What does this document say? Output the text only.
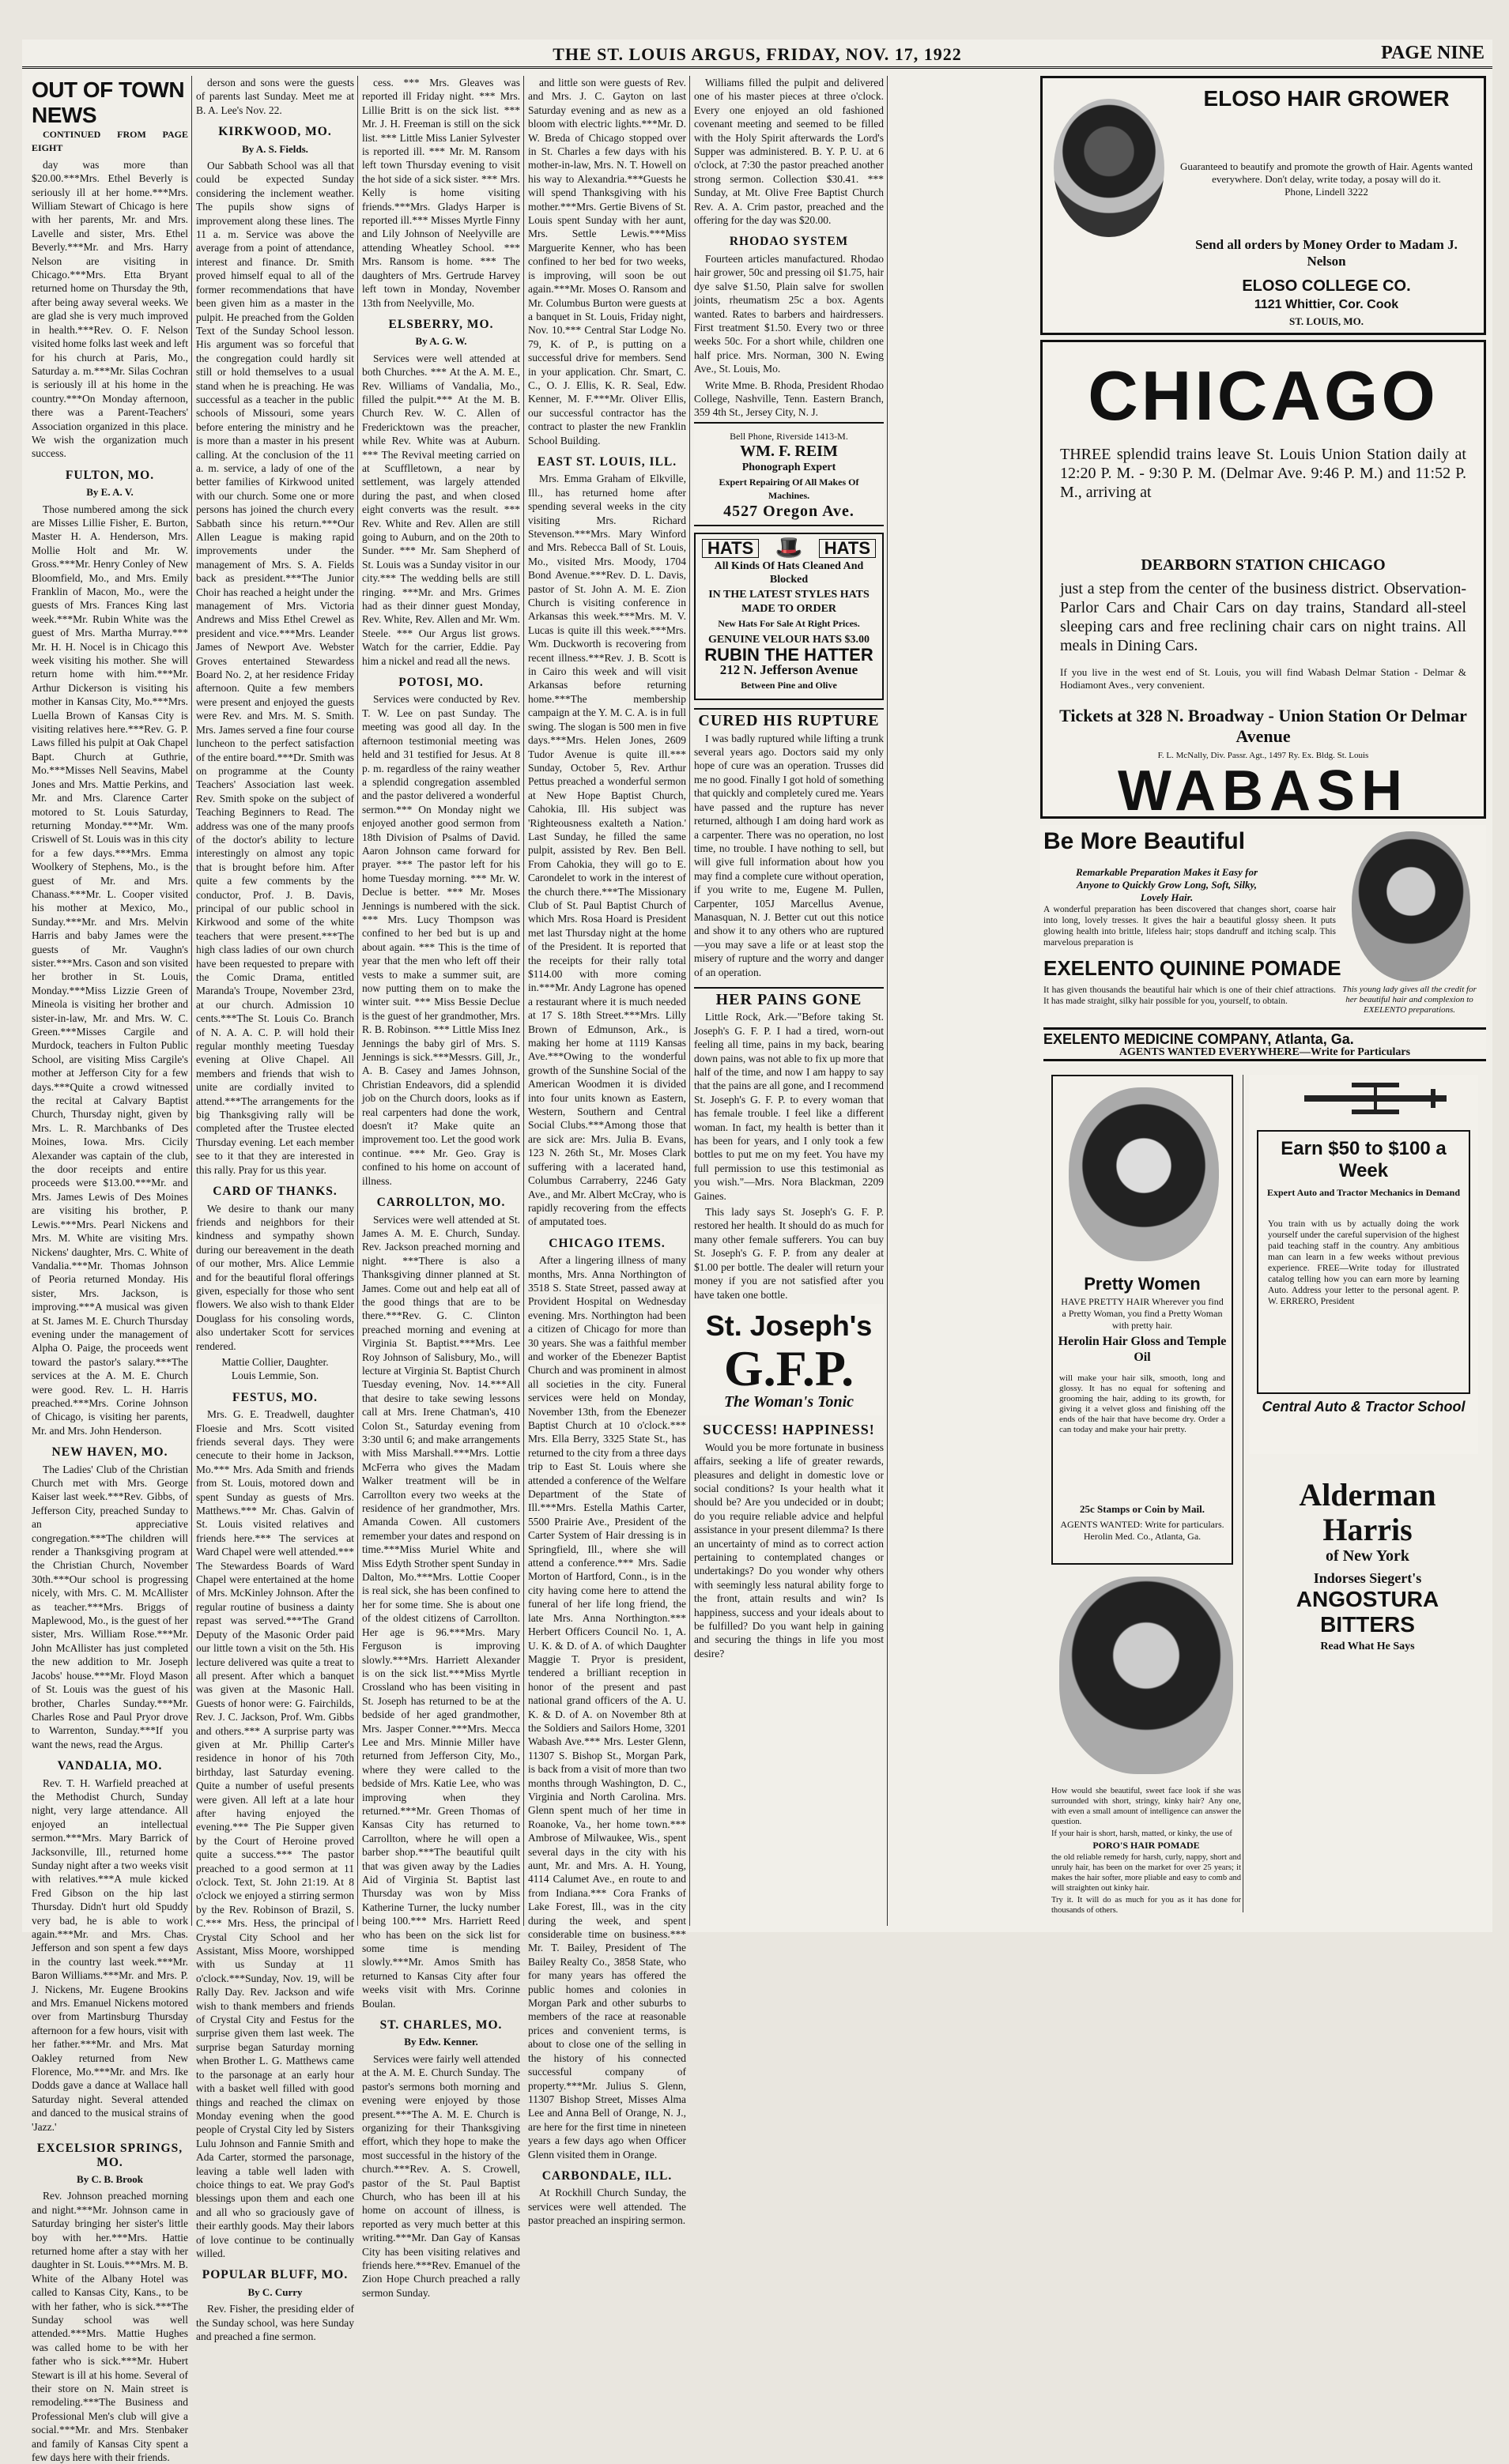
THE ST. LOUIS ARGUS, FRIDAY, NOV. 17, 1922	PAGE NINE
OUT OF TOWN NEWS

CONTINUED FROM PAGE EIGHT

day was more than $20.00.***Mrs. Ethel Beverly is seriously ill at her home.***Mrs. William Stewart of Chicago is here with her parents, Mr. and Mrs. Lavelle and sister, Mrs. Ethel Beverly.***Mr. and Mrs. Harry Nelson are visiting in Chicago.***Mrs. Etta Bryant returned home on Thursday the 9th, after being away several weeks. We are glad she is very much improved in health.***Rev. O. F. Nelson visited home folks last week and left for his church at Paris, Mo., Saturday a. m.***Mr. Silas Cochran is seriously ill at his home in the country.***On Monday afternoon, there was a Parent-Teachers' Association organized in this place. We wish the organization much success.

FULTON, MO.

By E. A. V.

Those numbered among the sick are Misses Lillie Fisher, E. Burton, Master H. A. Henderson, Mrs. Mollie Holt and Mr. W. Gross.***Mr. Henry Conley of New Bloomfield, Mo., and Mrs. Emily Franklin of Macon, Mo., were the guests of Mrs. Frances King last week.***Mr. Rubin White was the guest of Mrs. Martha Murray.*** Mr. H. H. Nocel is in Chicago this week visiting his mother. She will return home with him.***Mr. Arthur Dickerson is visiting his mother in Kansas City, Mo.***Mrs. Luella Brown of Kansas City is visiting relatives here.***Rev. G. P. Laws filled his pulpit at Oak Chapel Bapt. Church at Guthrie, Mo.***Misses Nell Seavins, Mabel Jones and Mrs. Mattie Perkins, and Mr. and Mrs. Clarence Carter motored to St. Louis Saturday, returning Monday.***Mr. Wm. Criswell of St. Louis was in this city for a few days.***Mrs. Emma Woolkery of Stephens, Mo., is the guest of Mr. and Mrs. Chanass.***Mr. L. Cooper visited his mother at Mexico, Mo., Sunday.***Mr. and Mrs. Melvin Harris and baby James were the guests of Mr. Vaughn's sister.***Mrs. Cason and son visited her brother in St. Louis, Monday.***Miss Lizzie Green of Mineola is visiting her brother and sister-in-law, Mr. and Mrs. W. C. Green.***Misses Cargile and Murdock, teachers in Fulton Public School, are visiting Miss Cargile's mother at Jefferson City for a few days.***Quite a crowd witnessed the recital at Calvary Baptist Church, Thursday night, given by Mrs. L. R. Marchbanks of Des Moines, Iowa. Mrs. Cicily Alexander was captain of the club, the door receipts and entire proceeds were $13.00.***Mr. and Mrs. James Lewis of Des Moines are visiting his brother, P. Lewis.***Mrs. Pearl Nickens and Mrs. M. White are visiting Mrs. Nickens' daughter, Mrs. C. White of Vandalia.***Mr. Thomas Johnson of Peoria returned Monday. His sister, Mrs. Jackson, is improving.***A musical was given at St. James M. E. Church Thursday evening under the management of Alpha O. Paige, the proceeds went toward the pastor's salary.***The services at the A. M. E. Church were good. Rev. L. H. Harris preached.***Mrs. Corine Johnson of Chicago, is visiting her parents, Mr. and Mrs. John Henderson.

NEW HAVEN, MO.

The Ladies' Club of the Christian Church met with Mrs. George Kaiser last week.***Rev. Gibbs, of Jefferson City, preached Sunday to an appreciative congregation.***The children will render a Thanksgiving program at the Christian Church, November 30th.***Our school is progressing nicely, with Mrs. C. M. McAllister as teacher.***Mrs. Briggs of Maplewood, Mo., is the guest of her sister, Mrs. William Rose.***Mr. John McAllister has just completed the new addition to Mr. Joseph Jacobs' house.***Mr. Floyd Mason of St. Louis was the guest of his brother, Charles Sunday.***Mr. Charles Rose and Paul Pryor drove to Warrenton, Sunday.***If you want the news, read the Argus.

VANDALIA, MO.

Rev. T. H. Warfield preached at the Methodist Church, Sunday night, very large attendance. All enjoyed an intellectual sermon.***Mrs. Mary Barrick of Jacksonville, Ill., returned home Sunday night after a two weeks visit with relatives.***A mule kicked Fred Gibson on the hip last Thursday. Didn't hurt old Spuddy very bad, he is able to work again.***Mr. and Mrs. Chas. Jefferson and son spent a few days in the country last week.***Mr. Baron Williams.***Mr. and Mrs. P. J. Nickens, Mr. Eugene Brookins and Mrs. Emanuel Nickens motored over from Martinsburg Thursday afternoon for a few hours, visit with her father.***Mr. and Mrs. Mat Oakley returned from New Florence, Mo.***Mr. and Mrs. Ike Dodds gave a dance at Wallace hall Saturday night. Several attended and danced to the musical strains of 'Jazz.'

EXCELSIOR SPRINGS, MO.

By C. B. Brook

Rev. Johnson preached morning and night.***Mr. Johnson came in Saturday bringing her sister's little boy with her.***Mrs. Hattie returned home after a stay with her daughter in St. Louis.***Mrs. M. B. White of the Albany Hotel was called to Kansas City, Kans., to be with her father, who is sick.***The Sunday school was well attended.***Mrs. Mattie Hughes was called home to be with her father who is sick.***Mr. Hubert Stewart is ill at his home. Several of their store on N. Main street is remodeling.***The Business and Professional Men's club will give a social.***Mr. and Mrs. Stenbaker and family of Kansas City spent a few days here with their friends.

derson and sons were the guests of parents last Sunday. Meet me at B. A. Lee's Nov. 22.

KIRKWOOD, MO.

By A. S. Fields.

Our Sabbath School was all that could be expected Sunday considering the inclement weather. The pupils show signs of improvement along these lines. The 11 a. m. Service was above the average from a point of attendance, interest and finance. Dr. Smith proved himself equal to all of the former recommendations that have been given him as a master in the pulpit. He preached from the Golden Text of the Sunday School lesson. His argument was so forceful that the congregation could hardly sit still or hold themselves to a usual stand when he is preaching. He was successful as a teacher in the public schools of Missouri, some years before entering the ministry and he is more than a master in his present calling. At the conclusion of the 11 a. m. service, a lady of one of the better families of Kirkwood united with our church. Some one or more persons has joined the church every Sabbath since his return.***Our Allen League is making rapid improvements under the management of Mrs. S. A. Fields back as president.***The Junior Choir has reached a height under the management of Mrs. Victoria Andrews and Miss Ethel Crewel as president and vice.***Mrs. Leander James of Newport Ave. Webster Groves entertained Stewardess Board No. 2, at her residence Friday afternoon. Quite a few members were present and enjoyed the guests were Rev. and Mrs. M. S. Smith. Mrs. James served a fine four course luncheon to the perfect satisfaction of the entire board.***Dr. Smith was on programme at the County Teachers' Association last week. Rev. Smith spoke on the subject of Teaching Beginners to Read. The address was one of the many proofs of the doctor's ability to lecture interestingly on almost any topic that is brought before him. After quite a few comments by the conductor, Prof. J. B. Davis, principal of our public school in Kirkwood and some of the white teachers that were present.***The high class ladies of our own church have been requested to prepare with the Comic Drama, entitled Maranda's Troupe, November 23rd, at our church. Admission 10 cents.***The St. Louis Co. Branch of N. A. A. C. P. will hold their regular monthly meeting Tuesday evening at Olive Chapel. All members and friends that wish to unite are cordially invited to attend.***The arrangements for the big Thanksgiving rally will be completed after the Trustee elected Thursday evening. Let each member see to it that they are interested in this rally. Pray for us this year.

CARD OF THANKS.

We desire to thank our many friends and neighbors for their kindness and sympathy shown during our bereavement in the death of our mother, Mrs. Alice Lemmie and for the beautiful floral offerings given, especially for those who sent flowers. We also wish to thank Elder Douglass for his consoling words, also undertaker Scott for services rendered.

Mattie Collier, Daughter.

Louis Lemmie, Son.

FESTUS, MO.

Mrs. G. E. Treadwell, daughter Floesie and Mrs. Scott visited friends several days. They were cenecute to their home in Jackson, Mo.*** Mrs. Ada Smith and friends from St. Louis, motored down and spent Sunday as guests of Mrs. Matthews.*** Mr. Chas. Galvin of St. Louis visited relatives and friends here.*** The services at Ward Chapel were well attended.*** The Stewardess Boards of Ward Chapel were entertained at the home of Mrs. McKinley Johnson. After the regular routine of business a dainty repast was served.***The Grand Deputy of the Masonic Order paid our little town a visit on the 5th. His lecture delivered was quite a treat to all present. After which a banquet was given at the Masonic Hall. Guests of honor were: G. Fairchilds, Rev. J. C. Jackson, Prof. Wm. Gibbs and others.*** A surprise party was given at Mr. Phillip Carter's residence in honor of his 70th birthday, last Saturday evening. Quite a number of useful presents were given. All left at a late hour after having enjoyed the evening.*** The Pie Supper given by the Court of Heroine proved quite a success.*** The pastor preached to a good sermon at 11 o'clock. Text, St. John 21:19. At 8 o'clock we enjoyed a stirring sermon by the Rev. Robinson of Brazil, S. C.*** Mrs. Hess, the principal of Crystal City School and her Assistant, Miss Moore, worshipped with us Sunday at 11 o'clock.***Sunday, Nov. 19, will be Rally Day. Rev. Jackson and wife wish to thank members and friends of Crystal City and Festus for the surprise given them last week. The surprise began Saturday morning when Brother L. G. Matthews came to the parsonage at an early hour with a basket well filled with good things and reached the climax on Monday evening when the good people of Crystal City led by Sisters Lulu Johnson and Fannie Smith and Ada Carter, stormed the parsonage, leaving a table well laden with choice things to eat. We pray God's blessings upon them and each one and all who so graciously gave of their earthly goods. May their labors of love continue to be continually willed.

POPULAR BLUFF, MO.

By C. Curry

Rev. Fisher, the presiding elder of the Sunday school, was here Sunday and preached a fine sermon.

cess. *** Mrs. Gleaves was reported ill Friday night. *** Mrs. Lillie Britt is on the sick list. *** Mr. J. H. Freeman is still on the sick list. *** Little Miss Lanier Sylvester is reported ill. *** Mr. M. Ransom left town Thursday evening to visit the hot side of a sick sister. *** Mrs. Kelly is home visiting friends.***Mrs. Gladys Harper is reported ill.*** Misses Myrtle Finny and Lily Johnson of Neelyville are attending Wheatley School. *** Mrs. Ransom is home. *** The daughters of Mrs. Gertrude Harvey left town in Monday, November 13th from Neelyville, Mo.

ELSBERRY, MO.

By A. G. W.

Services were well attended at both Churches. *** At the A. M. E., Rev. Williams of Vandalia, Mo., filled the pulpit.*** At the M. B. Church Rev. W. C. Allen of Fredericktown was the preacher, while Rev. White was at Auburn. *** The Revival meeting carried on at Scufflletown, a near by settlement, was largely attended during the past, and when closed eight converts was the result. *** Rev. White and Rev. Allen are still going to Auburn, and on the 20th to Sunder. *** Mr. Sam Shepherd of St. Louis was a Sunday visitor in our city.*** The wedding bells are still ringing. ***Mr. and Mrs. Grimes had as their dinner guest Monday, Rev. White, Rev. Allen and Mr. Wm. Steele. *** Our Argus list grows. Watch for the carrier, Eddie. Pay him a nickel and read all the news.

POTOSI, MO.

Services were conducted by Rev. T. W. Lee on past Sunday. The meeting was good all day. In the afternoon testimonial meeting was held and 31 testified for Jesus. At 8 p. m. regardless of the rainy weather a splendid congregation assembled and the pastor delivered a wonderful sermon.*** On Monday night we enjoyed another good sermon from 18th Division of Psalms of David. Aaron Johnson came forward for prayer. *** The pastor left for his home Tuesday morning. *** Mr. W. Declue is better. *** Mr. Moses Jennings is numbered with the sick. *** Mrs. Lucy Thompson was confined to her bed but is up and about again. *** This is the time of year that the men who left off their vests to make a summer suit, are now putting them on to make the winter suit. *** Miss Bessie Declue is the guest of her grandmother, Mrs. R. B. Robinson. *** Little Miss Inez Jennings the baby girl of Mrs. S. Jennings is sick.***Messrs. Gill, Jr., A. B. Casey and James Johnson, Christian Endeavors, did a splendid job on the Church doors, looks as if real carpenters had done the work, doesn't it? Make quite an improvement too. Let the good work continue. *** Mr. Geo. Gray is confined to his home on account of illness.

CARROLLTON, MO.

Services were well attended at St. James A. M. E. Church, Sunday. Rev. Jackson preached morning and night. ***There is also a Thanksgiving dinner planned at St. James. Come out and help eat all of the good things that are to be there.***Rev. G. C. Clinton preached morning and evening at Virginia St. Baptist.***Mrs. Lee Roy Johnson of Salisbury, Mo., will lecture at Virginia St. Baptist Church Tuesday evening, Nov. 14.***All that desire to take sewing lessons call at Mrs. Irene Chatman's, 410 Colon St., Saturday evening from 3:30 until 6; and make arrangements with Miss Marshall.***Mrs. Lottie McFerra who gives the Madam Walker treatment will be in Carrollton every two weeks at the residence of her grandmother, Mrs. Amanda Cowen. All customers remember your dates and respond on time.***Miss Muriel White and Miss Edyth Strother spent Sunday in Dalton, Mo.***Mrs. Lottie Cooper is real sick, she has been confined to her for some time. She is about one of the oldest citizens of Carrollton. Her age is 96.***Mrs. Mary Ferguson is improving slowly.***Mrs. Harriett Alexander is on the sick list.***Miss Myrtle Crossland who has been visiting in St. Joseph has returned to be at the bedside of her aged grandmother, Mrs. Jasper Conner.***Mrs. Mecca Lee and Mrs. Minnie Miller have returned from Jefferson City, Mo., where they were called to the bedside of Mrs. Katie Lee, who was improving when they returned.***Mr. Green Thomas of Kansas City has returned to Carrollton, where he will open a barber shop.***The beautiful quilt that was given away by the Ladies Aid of Virginia St. Baptist last Thursday was won by Miss Katherine Turner, the lucky number being 100.*** Mrs. Harriett Reed who has been on the sick list for some time is mending slowly.***Mr. Amos Smith has returned to Kansas City after four weeks visit with Mrs. Corinne Boulan.

ST. CHARLES, MO.

By Edw. Kenner.

Services were fairly well attended at the A. M. E. Church Sunday. The pastor's sermons both morning and evening were enjoyed by those present.***The A. M. E. Church is organizing for their Thanksgiving effort, which they hope to make the most successful in the history of the church.***Rev. A. S. Crowell, pastor of the St. Paul Baptist Church, who has been ill at his home on account of illness, is reported as very much better at this writing.***Mr. Dan Gay of Kansas City has been visiting relatives and friends here.***Rev. Emanuel of the Zion Hope Church preached a rally sermon Sunday.

and little son were guests of Rev. and Mrs. J. C. Gayton on last Saturday evening and as new as a bloom with electric lights.***Mr. D. W. Breda of Chicago stopped over in St. Charles a few days with his mother-in-law, Mrs. N. T. Howell on his way to Alexandria.***Guests he will spend Thanksgiving with his mother.***Mrs. Gertie Bivens of St. Louis spent Sunday with her aunt, Mrs. Settle Lewis.***Miss Marguerite Kenner, who has been confined to her bed for two weeks, is improving, will soon be out again.***Mr. Moses O. Ransom and Mr. Columbus Burton were guests at a banquet in St. Louis, Friday night, Nov. 10.*** Central Star Lodge No. 79, K. of P., is putting on a successful drive for members. Send in your application. Chr. Smart, C. C., O. J. Ellis, K. R. Seal, Edw. Kenner, M. F.***Mr. Oliver Ellis, our successful contractor has the contract to plaster the new Franklin School Building.

EAST ST. LOUIS, ILL.

Mrs. Emma Graham of Elkville, Ill., has returned home after spending several weeks in the city visiting Mrs. Richard Stevenson.***Mrs. Mary Winford and Mrs. Rebecca Ball of St. Louis, Mo., visited Mrs. Moody, 1704 Bond Avenue.***Rev. D. L. Davis, pastor of St. John A. M. E. Zion Church is visiting conference in Arkansas this week.***Mrs. M. V. Lucas is quite ill this week.***Mrs. Wm. Duckworth is recovering from recent illness.***Rev. J. B. Scott is in Cairo this week and will visit Arkansas before returning home.***The membership campaign at the Y. M. C. A. is in full swing. The slogan is 500 men in five days.***Mrs. Helen Jones, 2609 Tudor Avenue is quite ill.*** Sunday, October 5, Rev. Arthur Pettus preached a wonderful sermon at New Hope Baptist Church, Cahokia, Ill. His subject was 'Righteousness exalteth a Nation.' Last Sunday, he filled the same pulpit, assisted by Rev. Ben Bell. From Cahokia, they will go to E. Carondelet to work in the interest of the church there.***The Missionary Club of St. Paul Baptist Church of which Mrs. Rosa Hoard is President met last Thursday night at the home of the President. It is reported that the receipts for their rally total $114.00 with more coming in.***Mr. Andy Lagrone has opened a restaurant where it is much needed at 17 S. 18th Street.***Mrs. Lilly Brown of Edmunson, Ark., is making her home at 1119 Kansas Ave.***Owing to the wonderful growth of the Sunshine Social of the American Woodmen it is divided into four units known as Eastern, Western, Southern and Central Social Clubs.***Among those that are sick are: Mrs. Julia B. Evans, 123 N. 26th St., Mr. Moses Clark suffering with a lacerated hand, Columbus Carraberry, 2246 Gaty Ave., and Mr. Albert McCray, who is rapidly recovering from the effects of amputated toes.

CHICAGO ITEMS.

After a lingering illness of many months, Mrs. Anna Northington of 3518 S. State Street, passed away at Provident Hospital on Wednesday evening. Mrs. Northington had been a citizen of Chicago for more than 30 years. She was a faithful member and worker of the Ebenezer Baptist Church and was prominent in almost all societies in the city. Funeral services were held on Monday, November 13th, from the Ebenezer Baptist Church at 10 o'clock.*** Mrs. Ella Berry, 3325 State St., has returned to the city from a three days trip to East St. Louis where she attended a conference of the Welfare Department of the State of Ill.***Mrs. Estella Mathis Carter, 5500 Prairie Ave., President of the Carter System of Hair dressing is in Springfield, Ill., where she will attend a conference.*** Mrs. Sadie Morton of Hartford, Conn., is in the city having come here to attend the funeral of her life long friend, the late Mrs. Anna Northington.*** Herbert Officers Council No. 1, A. U. K. & D. of A. of which Daughter Maggie T. Pryor is president, tendered a brilliant reception in honor of the present and past national grand officers of the A. U. K. & D. of A. on November 8th at the Soldiers and Sailors Home, 3201 Wabash Ave.*** Mrs. Lester Glenn, 11307 S. Bishop St., Morgan Park, is back from a visit of more than two months through Washington, D. C., Virginia and North Carolina. Mrs. Glenn spent much of her time in Roanoke, Va., her home town.*** Ambrose of Milwaukee, Wis., spent several days in the city with his aunt, Mr. and Mrs. A. H. Young, 4114 Calumet Ave., en route to and from Indiana.*** Cora Franks of Lake Forest, Ill., was in the city during the week, and spent considerable time on business.*** Mr. T. Bailey, President of The Bailey Realty Co., 3858 State, who for many years has offered the public homes and colonies in Morgan Park and other suburbs to members of the race at reasonable prices and convenient terms, is about to close one of the selling in the history of his connected successful company of property.***Mr. Julius S. Glenn, 11307 Bishop Street, Misses Alma Lee and Anna Bell of Orange, N. J., are here for the first time in nineteen years a few days ago when Officer Glenn visited them in Orange.

CARBONDALE, ILL.

At Rockhill Church Sunday, the services were well attended. The pastor preached an inspiring sermon.

Williams filled the pulpit and delivered one of his master pieces at three o'clock. Every one enjoyed an old fashioned covenant meeting and seemed to be filled with the Holy Spirit afterwards the Lord's Supper was administered. B. Y. P. U. at 6 o'clock, at 7:30 the pastor preached another strong sermon. Collection $30.41. *** Sunday, at Mt. Olive Free Baptist Church Rev. A. A. Crim pastor, preached and the offering for the day was $20.00.

RHODAO SYSTEM

Fourteen articles manufactured. Rhodao hair grower, 50c and pressing oil $1.75, hair dye salve $1.50, Plain salve for swollen joints, rheumatism 25c a box. Agents wanted. Rates to barbers and hairdressers. First treatment $1.50. Every two or three weeks 50c. For a short while, children one half price. Mrs. Norman, 300 N. Ewing Ave., St. Louis, Mo.

Write Mme. B. Rhoda, President Rhodao College, Nashville, Tenn. Eastern Branch, 359 4th St., Jersey City, N. J.

Bell Phone, Riverside 1413-M.

WM. F. REIM

Phonograph Expert

Expert Repairing Of All Makes Of Machines.

4527 Oregon Ave.

HATS 🎩	HATS

All Kinds Of Hats Cleaned And Blocked

IN THE LATEST STYLES HATS MADE TO ORDER

New Hats For Sale At Right Prices.

GENUINE VELOUR HATS $3.00

RUBIN THE HATTER

212 N. Jefferson Avenue

Between Pine and Olive

CURED HIS RUPTURE

I was badly ruptured while lifting a trunk several years ago. Doctors said my only hope of cure was an operation. Trusses did me no good. Finally I got hold of something that quickly and completely cured me. Years have passed and the rupture has never returned, although I am doing hard work as a carpenter. There was no operation, no lost time, no trouble. I have nothing to sell, but will give full information about how you may find a complete cure without operation, if you write to me, Eugene M. Pullen, Carpenter, 105J Marcellus Avenue, Manasquan, N. J. Better cut out this notice and show it to any others who are ruptured—you may save a life or at least stop the misery of rupture and the worry and danger of an operation.

HER PAINS GONE

Little Rock, Ark.—"Before taking St. Joseph's G. F. P. I had a tired, worn-out feeling all time, pains in my back, bearing down pains, was not able to fix up more that half of the time, and now I am happy to say that the pains are all gone, and I recommend St. Joseph's G. F. P. to every woman that has female trouble. I feel like a different woman. In fact, my health is better than it has been for years, and I only took a few bottles to put me on my feet. You have my full permission to use this testimonial as you wish."—Mrs. Nora Blackman, 2209 Gaines.

This lady says St. Joseph's G. F. P. restored her health. It should do as much for many other female sufferers. You can buy St. Joseph's G. F. P. from any dealer at $1.00 per bottle. The dealer will return your money if you are not satisfied after you have taken one bottle.

St. Joseph's

G.F.P.

The Woman's Tonic

SUCCESS! HAPPINESS!

Would you be more fortunate in business affairs, seeking a life of greater rewards, pleasures and delight in domestic love or social conditions? Is your health what it should be? Are you undecided or in doubt; do you require reliable advice and helpful assistance in your present dilemma? Is there an uncertainty of mind as to correct action pertaining to contemplated changes or undertakings? Do you wonder why others with seemingly less natural ability forge to the front, attain results and win? Is happiness, success and your ideals about to be fulfilled? Do you want help in gaining and securing the things in life you most desire?

ELOSO HAIR GROWER
Guaranteed to beautify and promote the growth of Hair. Agents wanted everywhere. Don't delay, write today, a posay will do it.
Phone, Lindell 3222
Send all orders by Money Order to Madam J. Nelson
ELOSO COLLEGE CO.
1121 Whittier, Cor. Cook
ST. LOUIS, MO.
CHICAGO
THREE splendid trains leave St. Louis Union Station daily at 12:20 P. M. - 9:30 P. M. (Delmar Ave. 9:46 P. M.) and 11:52 P. M., arriving at
DEARBORN STATION CHICAGO
just a step from the center of the business district. Observation-Parlor Cars and Chair Cars on day trains, Standard all-steel sleeping cars and free reclining chair cars on night trains. All meals in Dining Cars.
If you live in the west end of St. Louis, you will find Wabash Delmar Station - Delmar & Hodiamont Aves., very convenient.
Tickets at 328 N. Broadway - Union Station Or Delmar Avenue
F. L. McNally, Div. Passr. Agt., 1497 Ry. Ex. Bldg. St. Louis
WABASH
Be More Beautiful
Remarkable Preparation Makes it Easy for Anyone to Quickly Grow Long, Soft, Silky, Lovely Hair.
This young lady gives all the credit for her beautiful hair and complexion to EXELENTO preparations.
A wonderful preparation has been discovered that changes short, coarse hair into long, lovely tresses. It gives the hair a beautiful glossy sheen. It puts glowing health into brittle, lifeless hair; stops dandruff and itching scalp. This marvelous preparation is
EXELENTO QUININE POMADE
It has given thousands the beautiful hair which is one of their chief attractions. It has made straight, silky hair possible for you, yourself, to obtain.
EXELENTO MEDICINE COMPANY, Atlanta, Ga.
AGENTS WANTED EVERYWHERE—Write for Particulars
Pretty Women
HAVE PRETTY HAIR Wherever you find a Pretty Woman, you find a Pretty Woman with pretty hair.
Herolin Hair Gloss and Temple Oil
will make your hair silk, smooth, long and glossy. It has no equal for softening and grooming the hair, adding to its growth, for giving it a velvet gloss and finishing off the ends of the hair that have become dry. Order a can today and make your hair pretty.
25c Stamps or Coin by Mail.
AGENTS WANTED: Write for particulars. Herolin Med. Co., Atlanta, Ga.
Earn $50 to $100 a Week
Expert Auto and Tractor Mechanics in Demand
You train with us by actually doing the work yourself under the careful supervision of the highest paid teaching staff in the country. Any ambitious man can learn in a few weeks without previous experience. FREE—Write today for illustrated catalog telling how you can earn more by learning Auto. Address your letter to the personal agent. P. W. ERRERO, President
Central Auto & Tractor School
Alderman Harris
of New York
Indorses Siegert's
ANGOSTURA BITTERS
Read What He Says

How would she beautiful, sweet face look if she was surrounded with short, stringy, kinky hair? Any one, with even a small amount of intelligence can answer the question.

If your hair is short, harsh, matted, or kinky, the use of

PORO'S HAIR POMADE

the old reliable remedy for harsh, curly, nappy, short and unruly hair, has been on the market for over 25 years; it makes the hair softer, more pliable and easy to comb and will straighten out kinky hair.

Try it. It will do as much for you as it has done for thousands of others.
